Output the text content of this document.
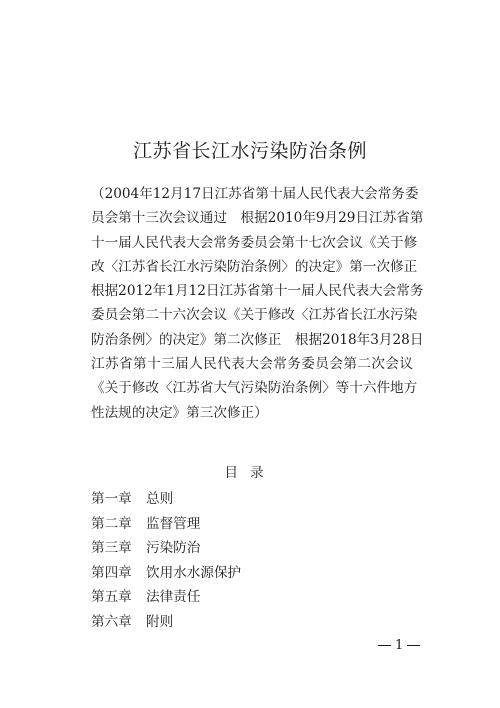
江苏省长江水污染防治条例
（2004年12月17日江苏省第十届人民代表大会常务委
员会第十三次会议通过　根据2010年9月29日江苏省第
十一届人民代表大会常务委员会第十七次会议《关于修
改〈江苏省长江水污染防治条例〉的决定》第一次修正
根据2012年1月12日江苏省第十一届人民代表大会常务
委员会第二十六次会议《关于修改〈江苏省长江水污染
防治条例〉的决定》第二次修正　根据2018年3月28日
江苏省第十三届人民代表大会常务委员会第二次会议
《关于修改〈江苏省大气污染防治条例〉等十六件地方
性法规的决定》第三次修正）
目录
第一章 总则
第二章 监督管理
第三章 污染防治
第四章 饮用水水源保护
第五章 法律责任
第六章 附则
1
